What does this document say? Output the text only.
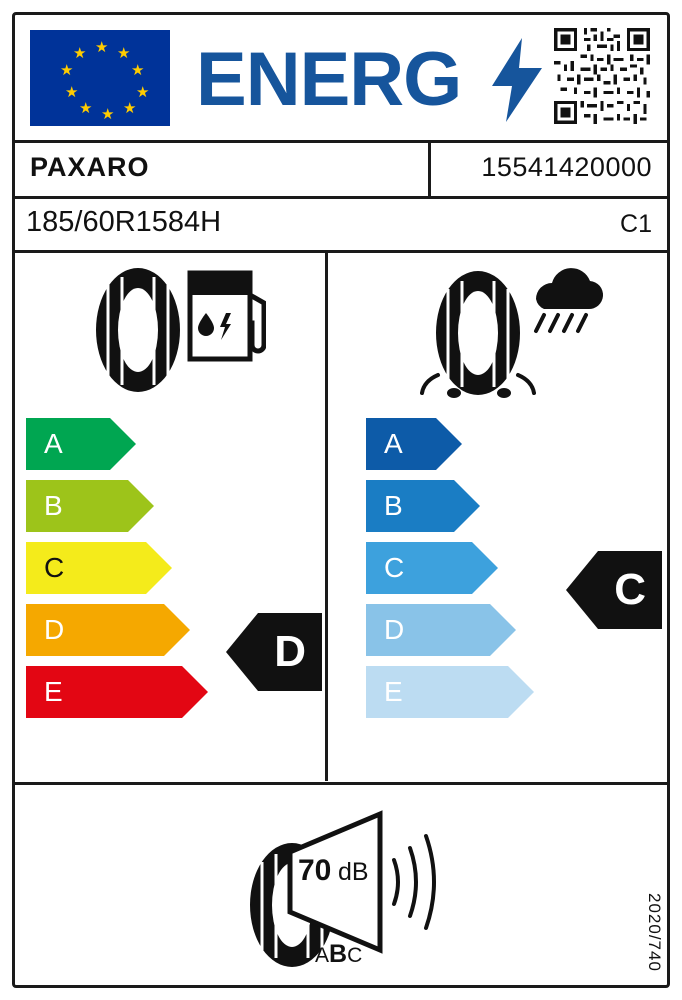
★ ★
★
★
★
★
★
★
★
★ ENERG
PAXARO	15541420000
185/60R1584H	C1
A
B
C
D
E
D
A
B
C
D
E
C
70 dB
ABC	2020/740
